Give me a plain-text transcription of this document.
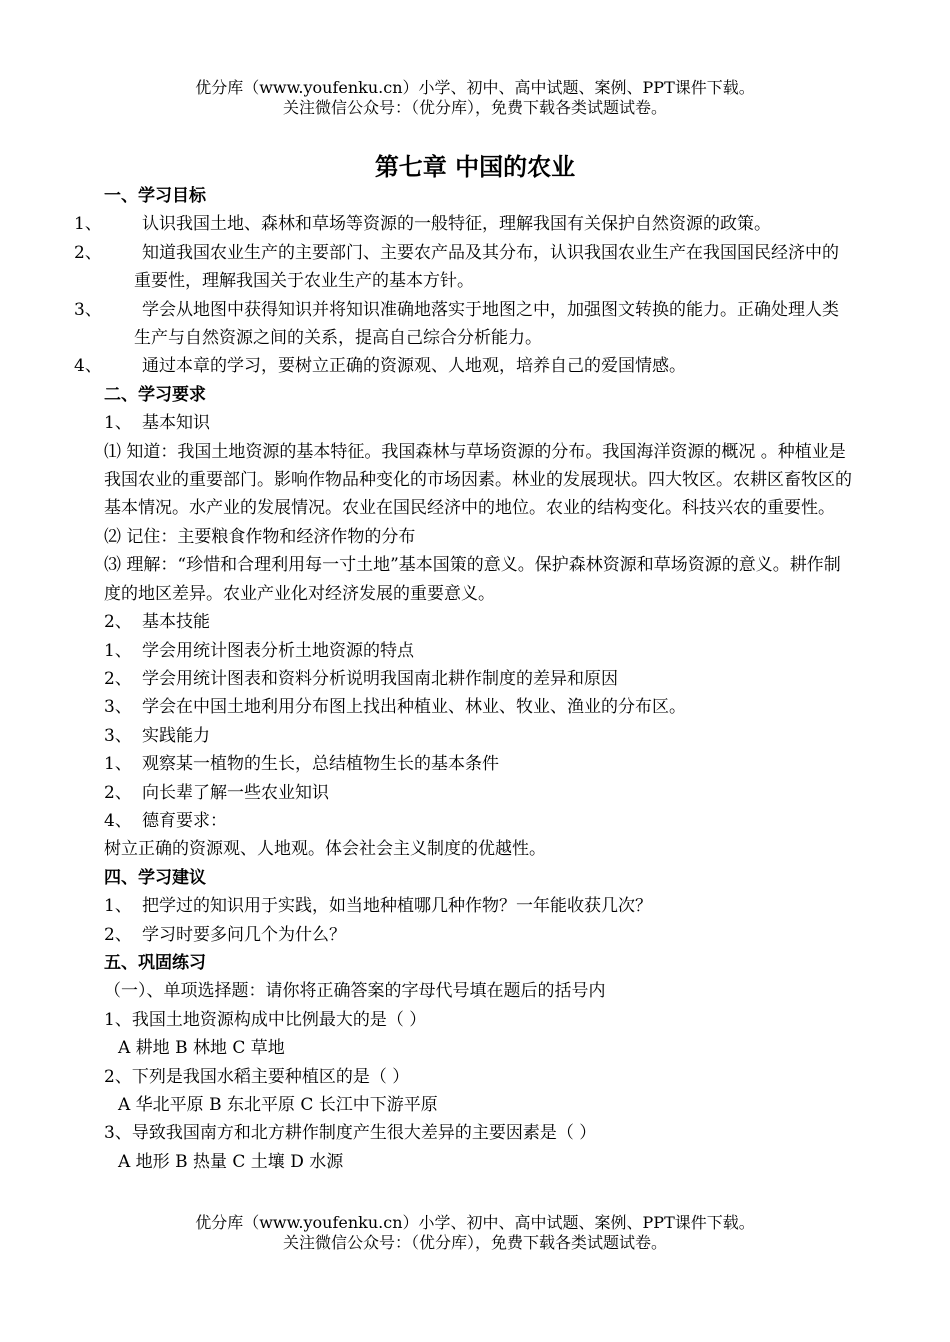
优分库（www.youfenku.cn）小学、初中、高中试题、案例、PPT课件下载。
关注微信公众号：（优分库），免费下载各类试题试卷。
第七章 中国的农业

一、学习目标

1、 认识我国土地、森林和草场等资源的一般特征，理解我国有关保护自然资源的政策。

2、 知道我国农业生产的主要部门、主要农产品及其分布，认识我国农业生产在我国国民经济中的重要性，理解我国关于农业生产的基本方针。

3、 学会从地图中获得知识并将知识准确地落实于地图之中，加强图文转换的能力。正确处理人类生产与自然资源之间的关系，提高自己综合分析能力。

4、 通过本章的学习，要树立正确的资源观、人地观，培养自己的爱国情感。

二、学习要求

1、 基本知识

⑴ 知道：我国土地资源的基本特征。我国森林与草场资源的分布。我国海洋资源的概况 。种植业是我国农业的重要部门。影响作物品种变化的市场因素。林业的发展现状。四大牧区。农耕区畜牧区的基本情况。水产业的发展情况。农业在国民经济中的地位。农业的结构变化。科技兴农的重要性。

⑵ 记住：主要粮食作物和经济作物的分布

⑶ 理解：“珍惜和合理利用每一寸土地”基本国策的意义。保护森林资源和草场资源的意义。耕作制度的地区差异。农业产业化对经济发展的重要意义。

2、 基本技能

1、 学会用统计图表分析土地资源的特点

2、 学会用统计图表和资料分析说明我国南北耕作制度的差异和原因

3、 学会在中国土地利用分布图上找出种植业、林业、牧业、渔业的分布区。

3、 实践能力

1、 观察某一植物的生长，总结植物生长的基本条件

2、 向长辈了解一些农业知识

4、 德育要求：

树立正确的资源观、人地观。体会社会主义制度的优越性。

四、学习建议

1、 把学过的知识用于实践，如当地种植哪几种作物？一年能收获几次？

2、 学习时要多问几个为什么？

五、巩固练习

（一）、单项选择题：请你将正确答案的字母代号填在题后的括号内

1、我国土地资源构成中比例最大的是（ ）

A 耕地 B 林地 C 草地

2、下列是我国水稻主要种植区的是（ ）

A 华北平原 B 东北平原 C 长江中下游平原

3、导致我国南方和北方耕作制度产生很大差异的主要因素是（ ）

A 地形 B 热量 C 土壤 D 水源

优分库（www.youfenku.cn）小学、初中、高中试题、案例、PPT课件下载。
关注微信公众号：（优分库），免费下载各类试题试卷。
